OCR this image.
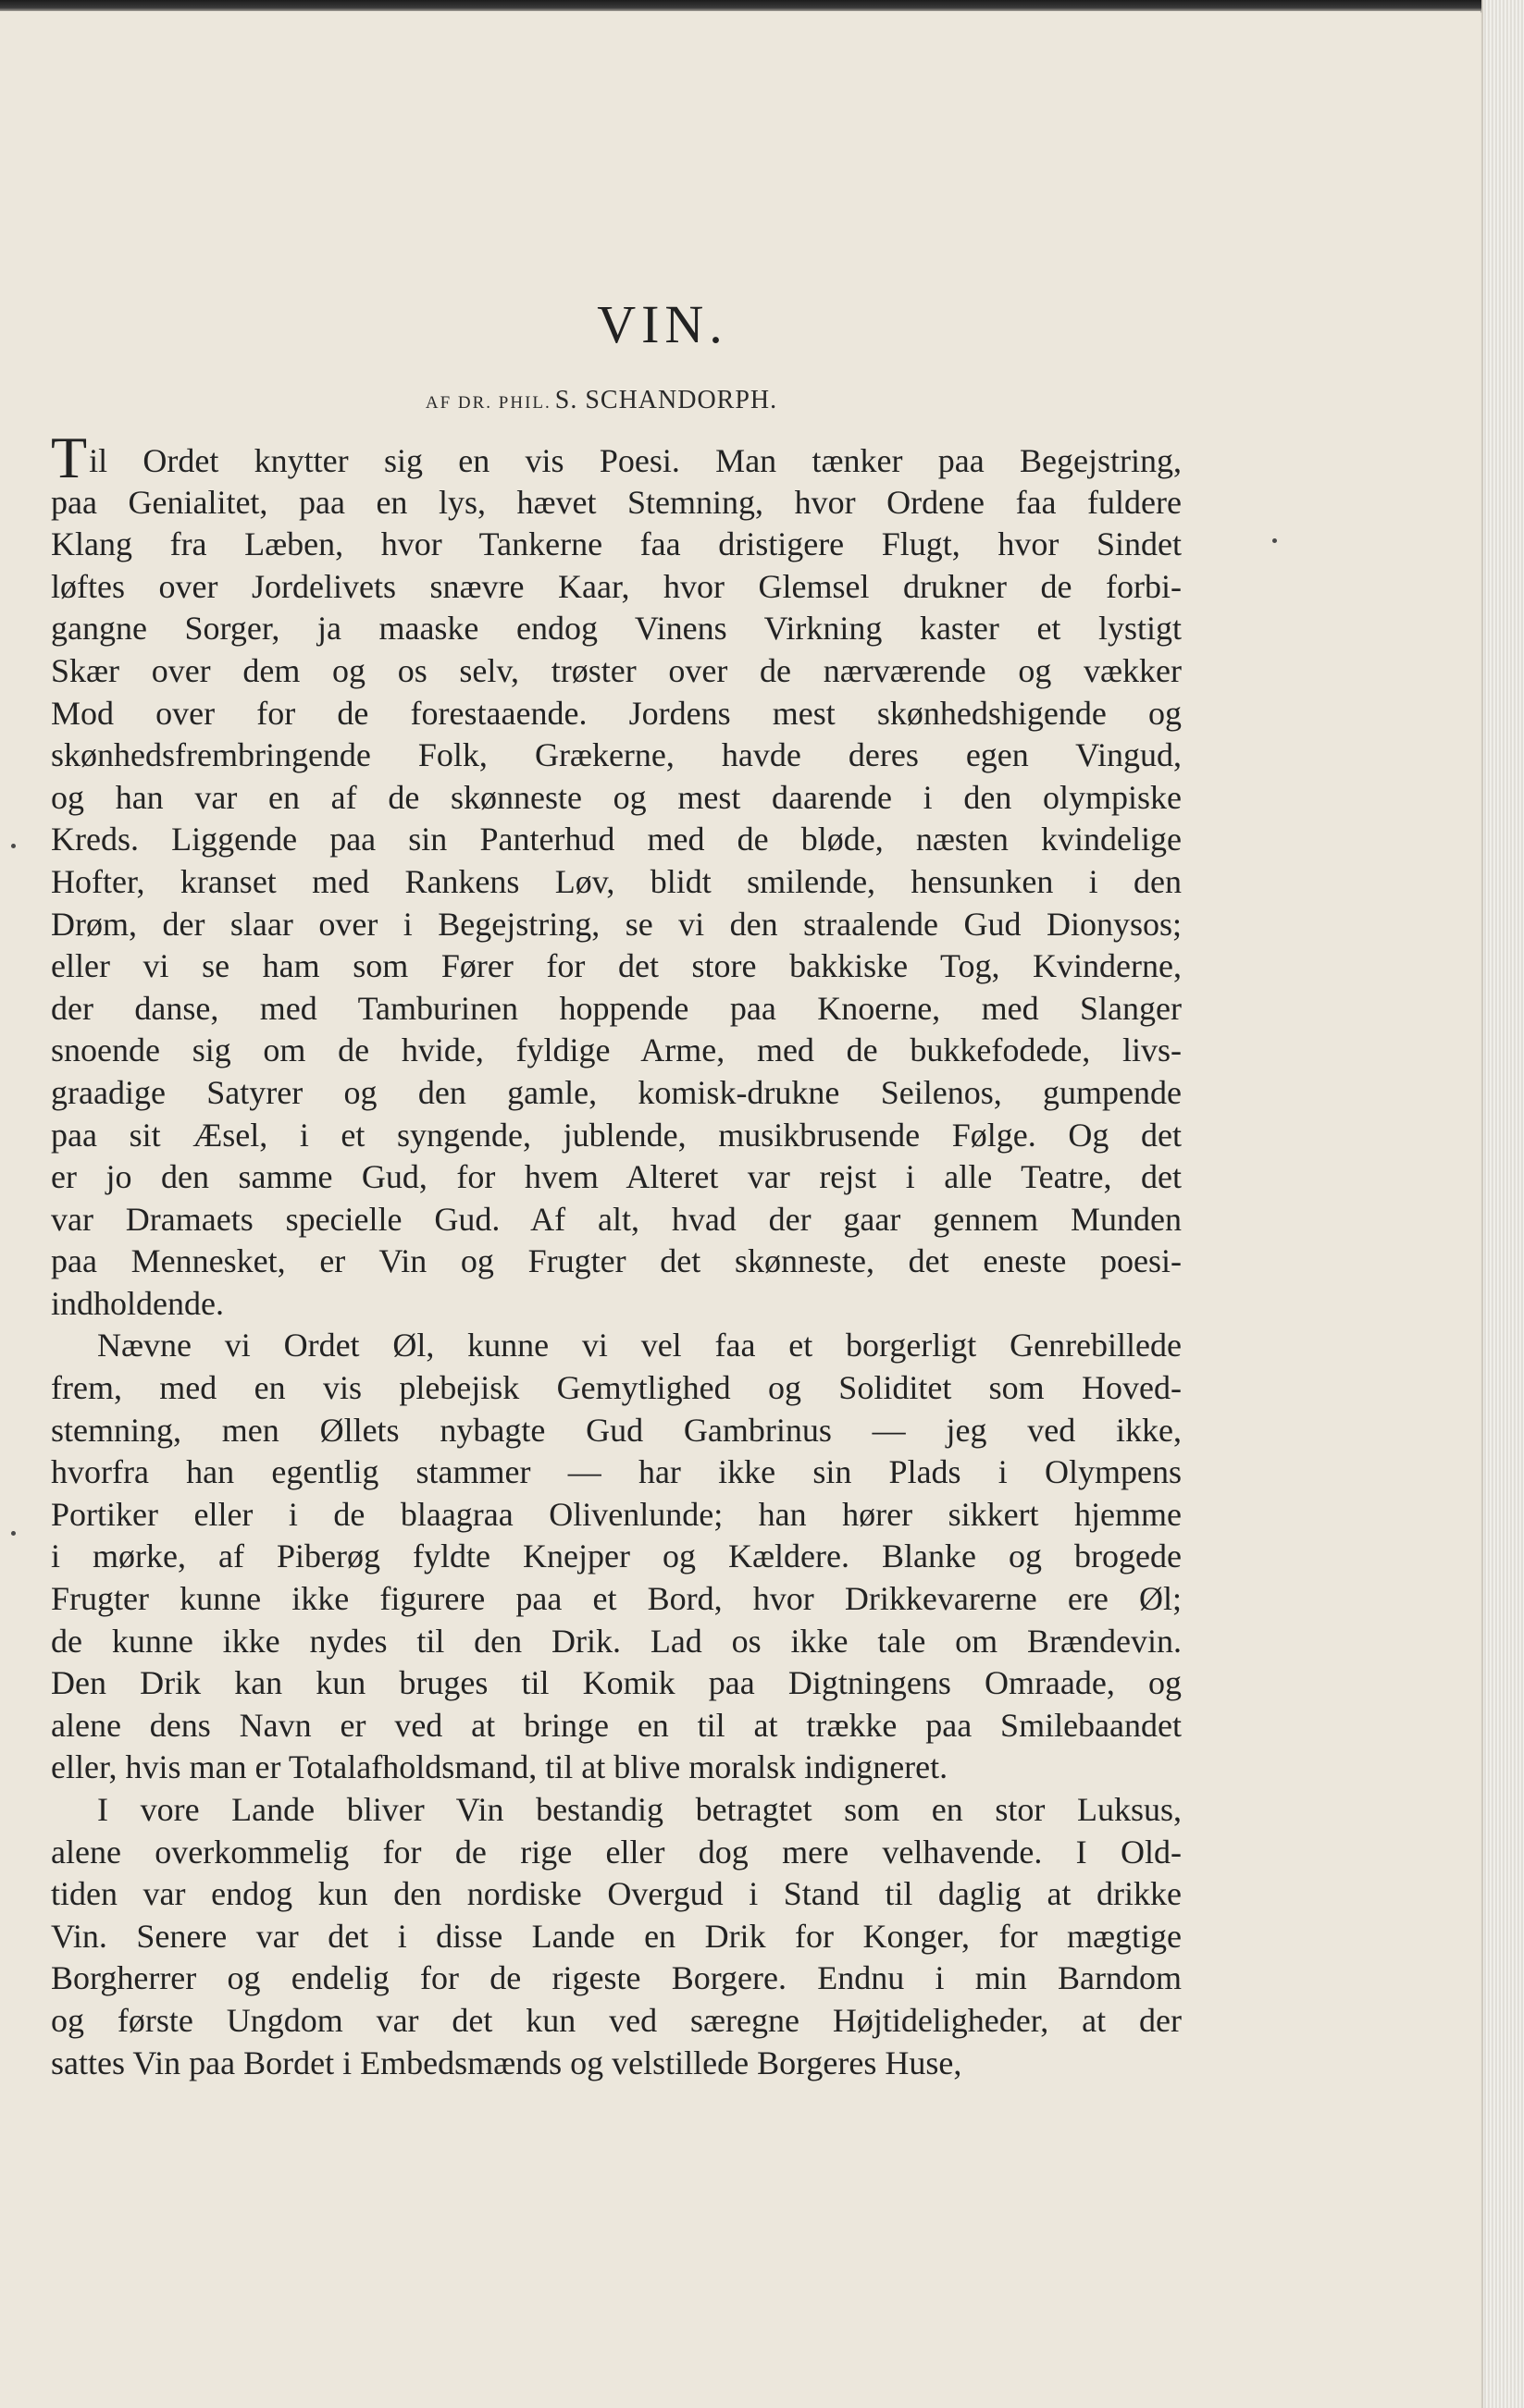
VIN.
AF DR. PHIL. S. SCHANDORPH.
Til Ordet knytter sig en vis Poesi. Man tænker paa Begejstring,
paa Genialitet, paa en lys, hævet Stemning, hvor Ordene faa fuldere
Klang fra Læben, hvor Tankerne faa dristigere Flugt, hvor Sindet
løftes over Jordelivets snævre Kaar, hvor Glemsel drukner de forbi-
gangne Sorger, ja maaske endog Vinens Virkning kaster et lystigt
Skær over dem og os selv, trøster over de nærværende og vækker
Mod over for de forestaaende. Jordens mest skønhedshigende og
skønhedsfrembringende Folk, Grækerne, havde deres egen Vingud,
og han var en af de skønneste og mest daarende i den olympiske
Kreds. Liggende paa sin Panterhud med de bløde, næsten kvindelige
Hofter, kranset med Rankens Løv, blidt smilende, hensunken i den
Drøm, der slaar over i Begejstring, se vi den straalende Gud Dionysos;
eller vi se ham som Fører for det store bakkiske Tog, Kvinderne,
der danse, med Tamburinen hoppende paa Knoerne, med Slanger
snoende sig om de hvide, fyldige Arme, med de bukkefodede, livs-
graadige Satyrer og den gamle, komisk-drukne Seilenos, gumpende
paa sit Æsel, i et syngende, jublende, musikbrusende Følge. Og det
er jo den samme Gud, for hvem Alteret var rejst i alle Teatre, det
var Dramaets specielle Gud. Af alt, hvad der gaar gennem Munden
paa Mennesket, er Vin og Frugter det skønneste, det eneste poesi-
indholdende.
Nævne vi Ordet Øl, kunne vi vel faa et borgerligt Genrebillede
frem, med en vis plebejisk Gemytlighed og Soliditet som Hoved-
stemning, men Øllets nybagte Gud Gambrinus — jeg ved ikke,
hvorfra han egentlig stammer — har ikke sin Plads i Olympens
Portiker eller i de blaagraa Olivenlunde; han hører sikkert hjemme
i mørke, af Piberøg fyldte Knejper og Kældere. Blanke og brogede
Frugter kunne ikke figurere paa et Bord, hvor Drikkevarerne ere Øl;
de kunne ikke nydes til den Drik. Lad os ikke tale om Brændevin.
Den Drik kan kun bruges til Komik paa Digtningens Omraade, og
alene dens Navn er ved at bringe en til at trække paa Smilebaandet
eller, hvis man er Totalafholdsmand, til at blive moralsk indigneret.
I vore Lande bliver Vin bestandig betragtet som en stor Luksus,
alene overkommelig for de rige eller dog mere velhavende. I Old-
tiden var endog kun den nordiske Overgud i Stand til daglig at drikke
Vin. Senere var det i disse Lande en Drik for Konger, for mægtige
Borgherrer og endelig for de rigeste Borgere. Endnu i min Barndom
og første Ungdom var det kun ved særegne Højtideligheder, at der
sattes Vin paa Bordet i Embedsmænds og velstillede Borgeres Huse,
